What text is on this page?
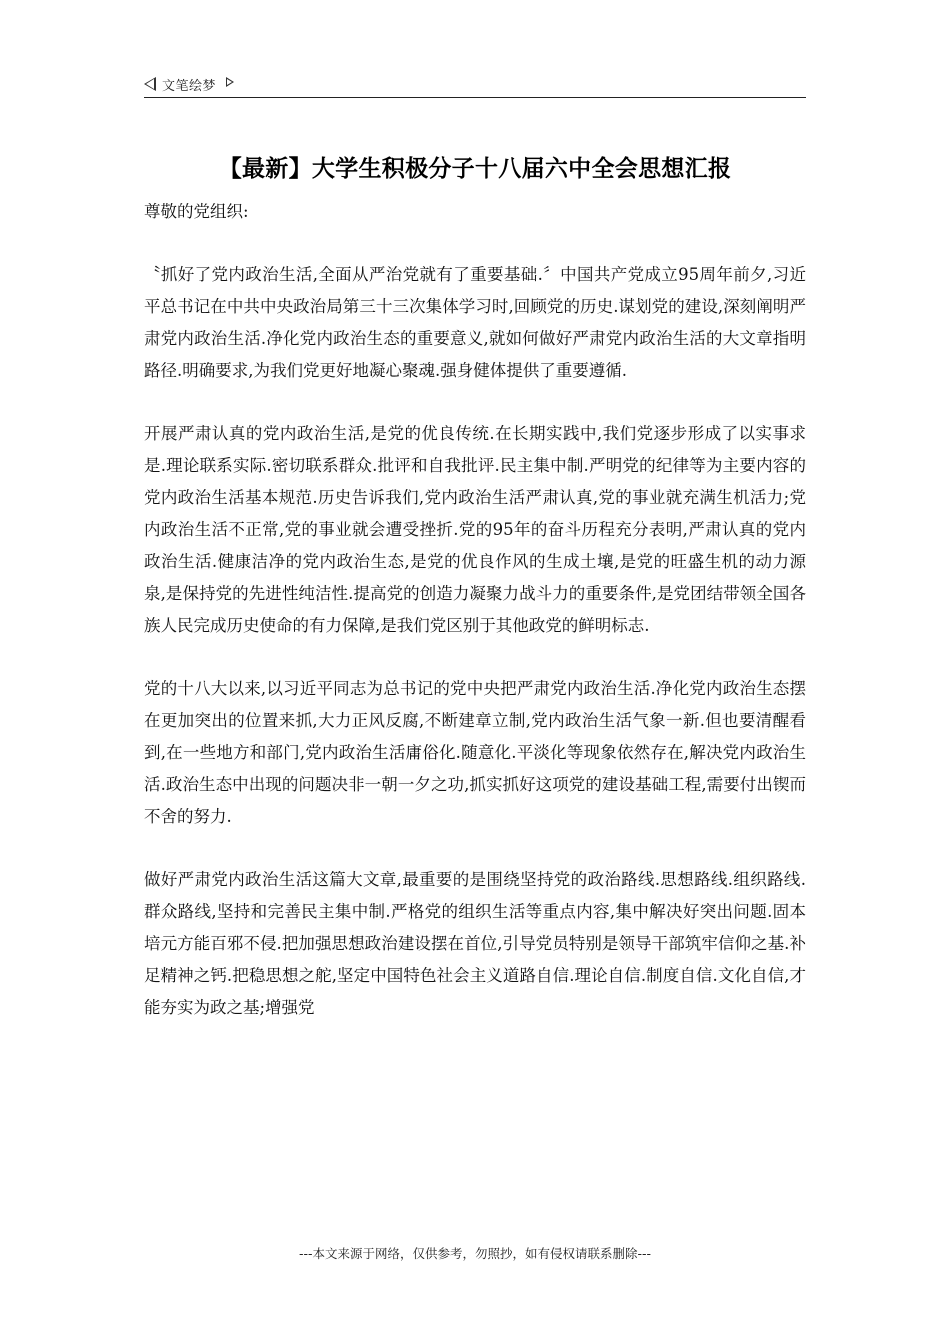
文笔绘梦
【最新】大学生积极分子十八届六中全会思想汇报

尊敬的党组织:

〝抓好了党内政治生活,全面从严治党就有了重要基础.〞中国共产党成立95周年前夕,习近平总书记在中共中央政治局第三十三次集体学习时,回顾党的历史.谋划党的建设,深刻阐明严肃党内政治生活.净化党内政治生态的重要意义,就如何做好严肃党内政治生活的大文章指明路径.明确要求,为我们党更好地凝心聚魂.强身健体提供了重要遵循.

开展严肃认真的党内政治生活,是党的优良传统.在长期实践中,我们党逐步形成了以实事求是.理论联系实际.密切联系群众.批评和自我批评.民主集中制.严明党的纪律等为主要内容的党内政治生活基本规范.历史告诉我们,党内政治生活严肃认真,党的事业就充满生机活力;党内政治生活不正常,党的事业就会遭受挫折.党的95年的奋斗历程充分表明,严肃认真的党内政治生活.健康洁净的党内政治生态,是党的优良作风的生成土壤,是党的旺盛生机的动力源泉,是保持党的先进性纯洁性.提高党的创造力凝聚力战斗力的重要条件,是党团结带领全国各族人民完成历史使命的有力保障,是我们党区别于其他政党的鲜明标志.

党的十八大以来,以习近平同志为总书记的党中央把严肃党内政治生活.净化党内政治生态摆在更加突出的位置来抓,大力正风反腐,不断建章立制,党内政治生活气象一新.但也要清醒看到,在一些地方和部门,党内政治生活庸俗化.随意化.平淡化等现象依然存在,解决党内政治生活.政治生态中出现的问题决非一朝一夕之功,抓实抓好这项党的建设基础工程,需要付出锲而不舍的努力.

做好严肃党内政治生活这篇大文章,最重要的是围绕坚持党的政治路线.思想路线.组织路线.群众路线,坚持和完善民主集中制.严格党的组织生活等重点内容,集中解决好突出问题.固本培元方能百邪不侵.把加强思想政治建设摆在首位,引导党员特别是领导干部筑牢信仰之基.补足精神之钙.把稳思想之舵,坚定中国特色社会主义道路自信.理论自信.制度自信.文化自信,才能夯实为政之基;增强党

---本文来源于网络，仅供参考，勿照抄，如有侵权请联系删除---
